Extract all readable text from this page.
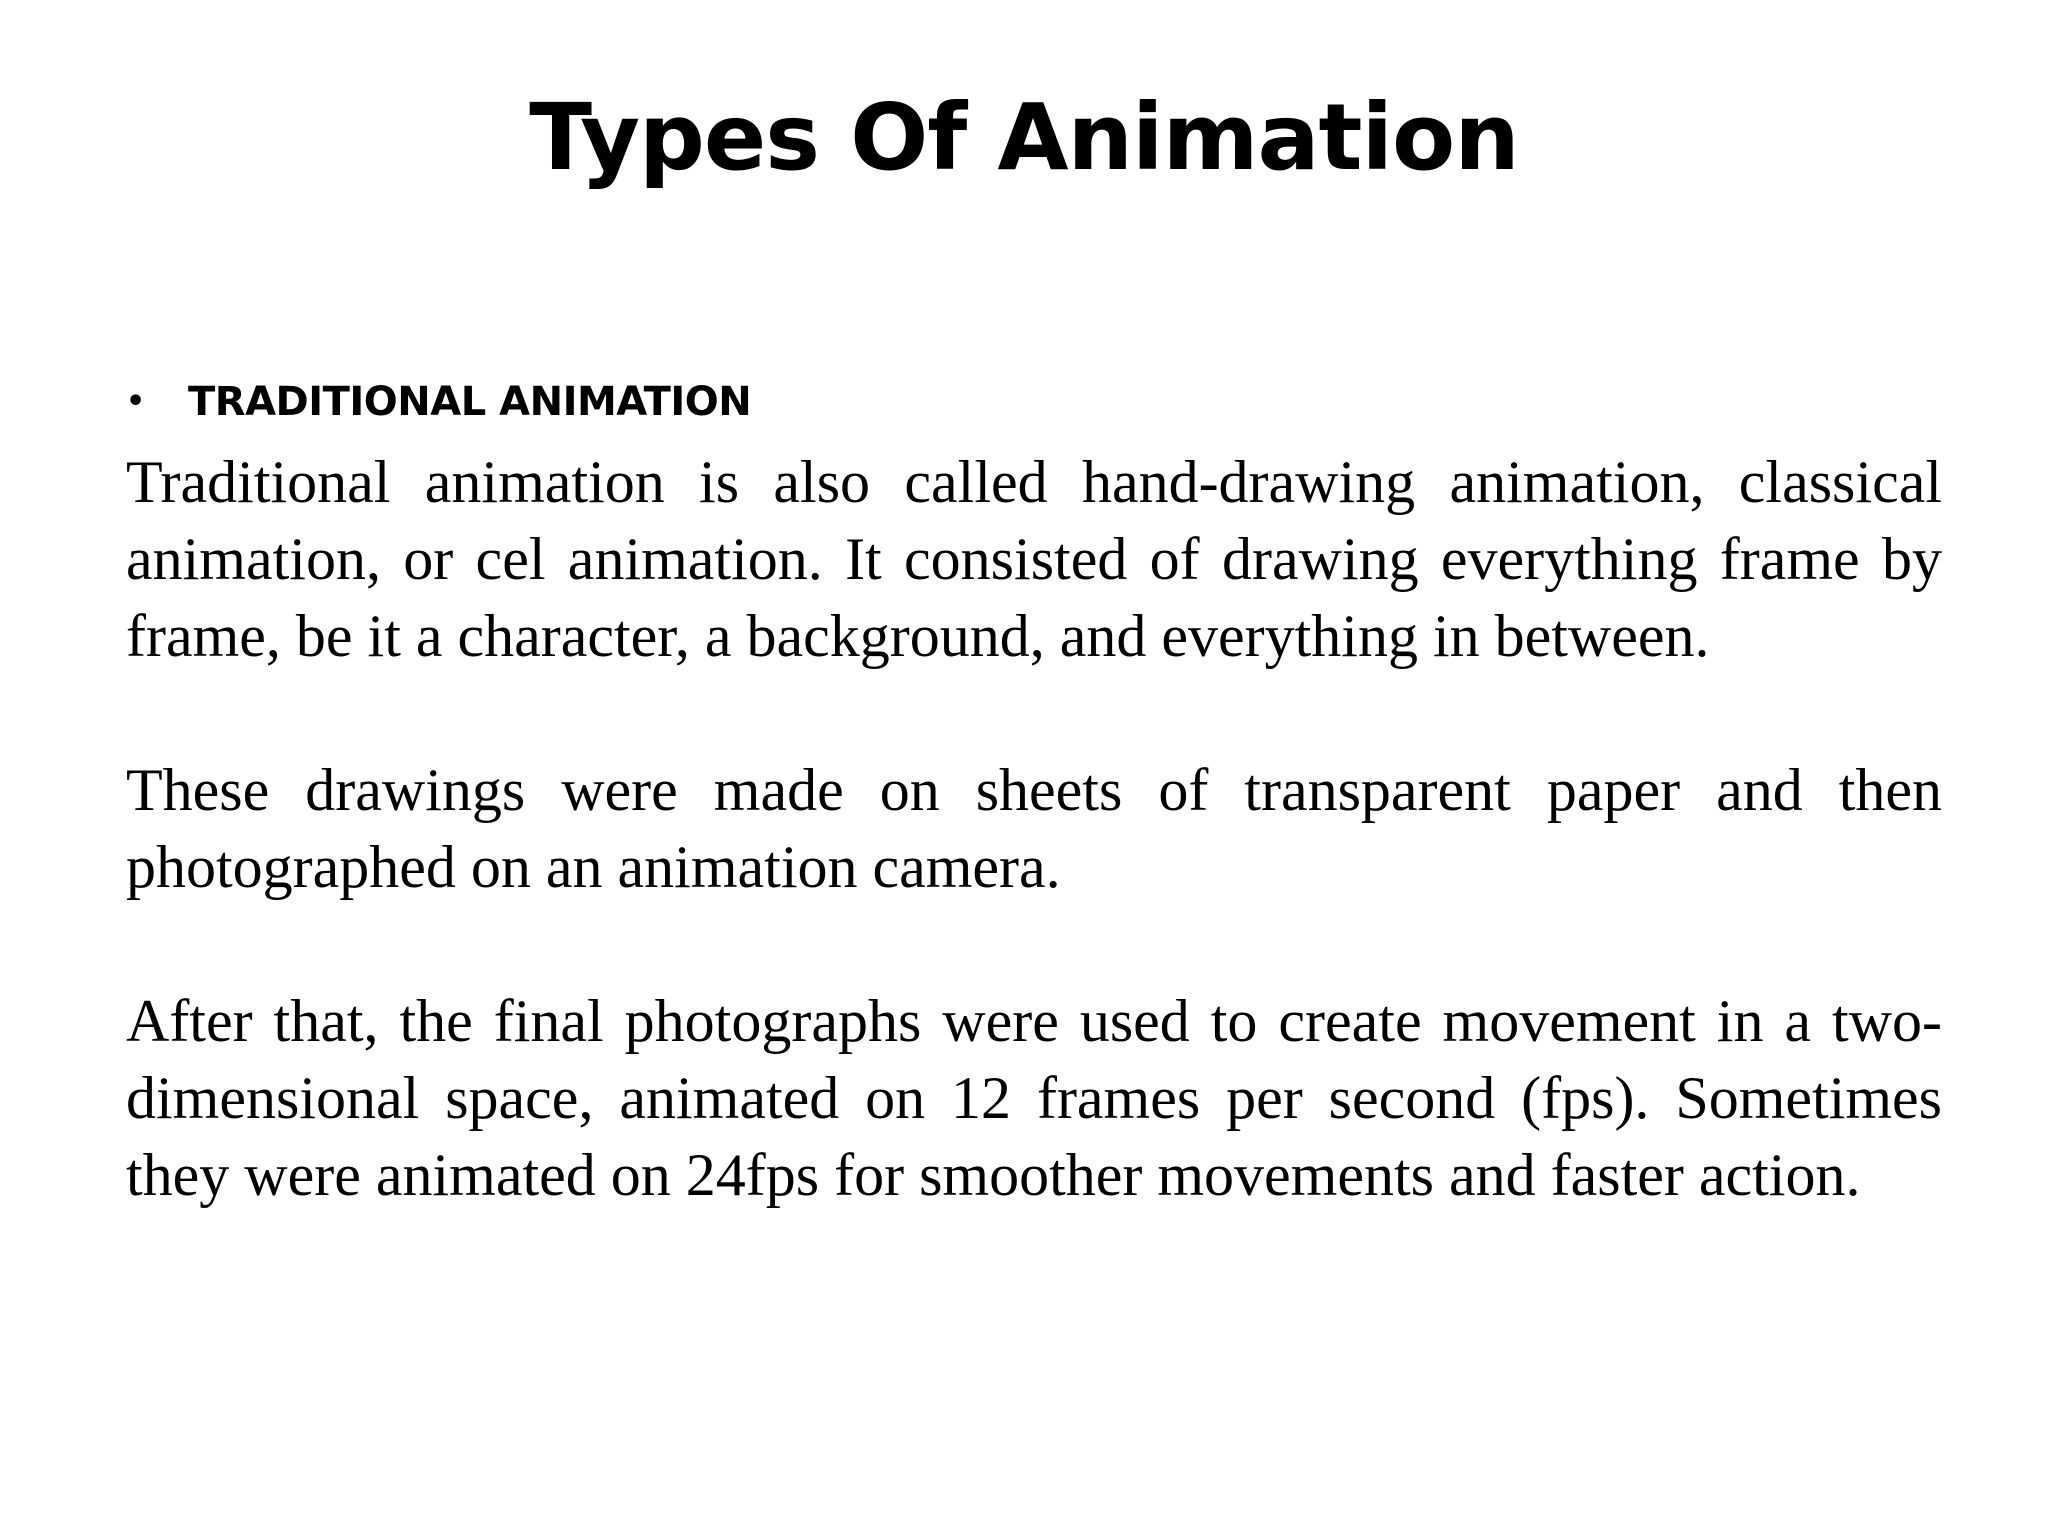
Types Of Animation
•	TRADITIONAL ANIMATION

Traditional animation is also called hand-drawing animation, classical animation, or cel animation. It consisted of drawing everything frame by frame, be it a character, a background, and everything in between.

These drawings were made on sheets of transparent paper and then photographed on an animation camera.

After that, the final photographs were used to create movement in a two-dimensional space, animated on 12 frames per second (fps). Sometimes they were animated on 24fps for smoother movements and faster action.
